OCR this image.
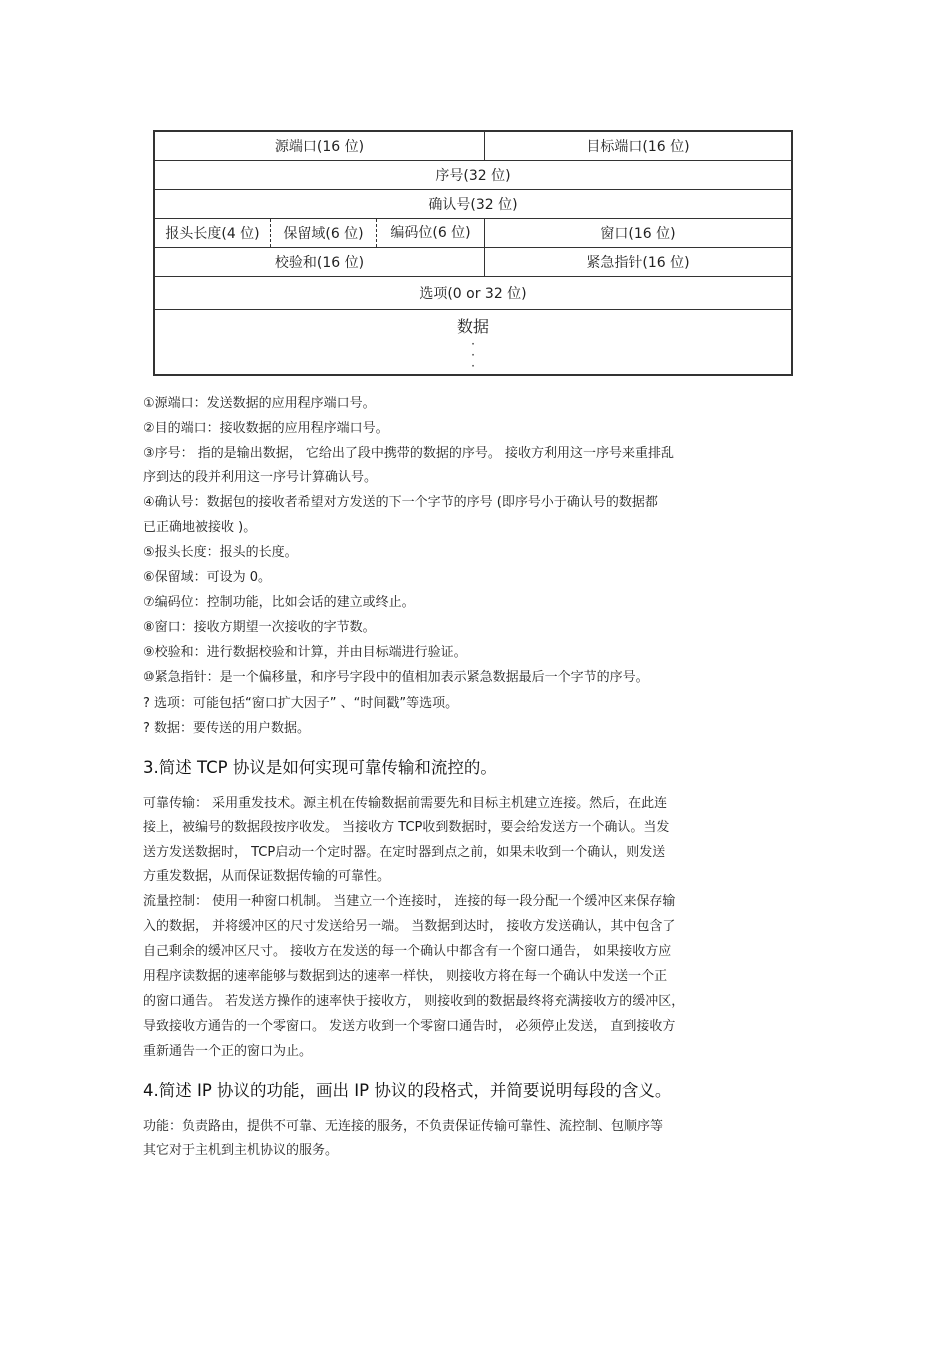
源端口(16 位)	目标端口(16 位)
序号(32 位)
确认号(32 位)
报头长度(4 位)	保留域(6 位)	编码位(6 位)	窗口(16 位)
校验和(16 位)	紧急指针(16 位)
选项(0 or 32 位)
数据
·
·
·
①源端口：发送数据的应用程序端口号。
②目的端口：接收数据的应用程序端口号。
③序号： 指的是输出数据， 它给出了段中携带的数据的序号。 接收方利用这一序号来重排乱
序到达的段并利用这一序号计算确认号。
④确认号：数据包的接收者希望对方发送的下一个字节的序号 (即序号小于确认号的数据都
已正确地被接收 )。
⑤报头长度：报头的长度。
⑥保留域：可设为 0。
⑦编码位：控制功能，比如会话的建立或终止。
⑧窗口：接收方期望一次接收的字节数。
⑨校验和：进行数据校验和计算，并由目标端进行验证。
⑩紧急指针：是一个偏移量，和序号字段中的值相加表示紧急数据最后一个字节的序号。
? 选项：可能包括“窗口扩大因子” 、“时间戳”等选项。
? 数据：要传送的用户数据。
3.简述 TCP 协议是如何实现可靠传输和流控的。
可靠传输： 采用重发技术。源主机在传输数据前需要先和目标主机建立连接。然后，在此连
接上，被编号的数据段按序收发。 当接收方 TCP收到数据时，要会给发送方一个确认。当发
送方发送数据时， TCP启动一个定时器。在定时器到点之前，如果未收到一个确认，则发送
方重发数据，从而保证数据传输的可靠性。
流量控制： 使用一种窗口机制。 当建立一个连接时， 连接的每一段分配一个缓冲区来保存输
入的数据， 并将缓冲区的尺寸发送给另一端。 当数据到达时， 接收方发送确认，其中包含了
自己剩余的缓冲区尺寸。 接收方在发送的每一个确认中都含有一个窗口通告， 如果接收方应
用程序读数据的速率能够与数据到达的速率一样快， 则接收方将在每一个确认中发送一个正
的窗口通告。 若发送方操作的速率快于接收方， 则接收到的数据最终将充满接收方的缓冲区，
导致接收方通告的一个零窗口。 发送方收到一个零窗口通告时， 必须停止发送， 直到接收方
重新通告一个正的窗口为止。
4.简述 IP 协议的功能，画出 IP 协议的段格式，并简要说明每段的含义。
功能：负责路由，提供不可靠、无连接的服务，不负责保证传输可靠性、流控制、包顺序等
其它对于主机到主机协议的服务。
